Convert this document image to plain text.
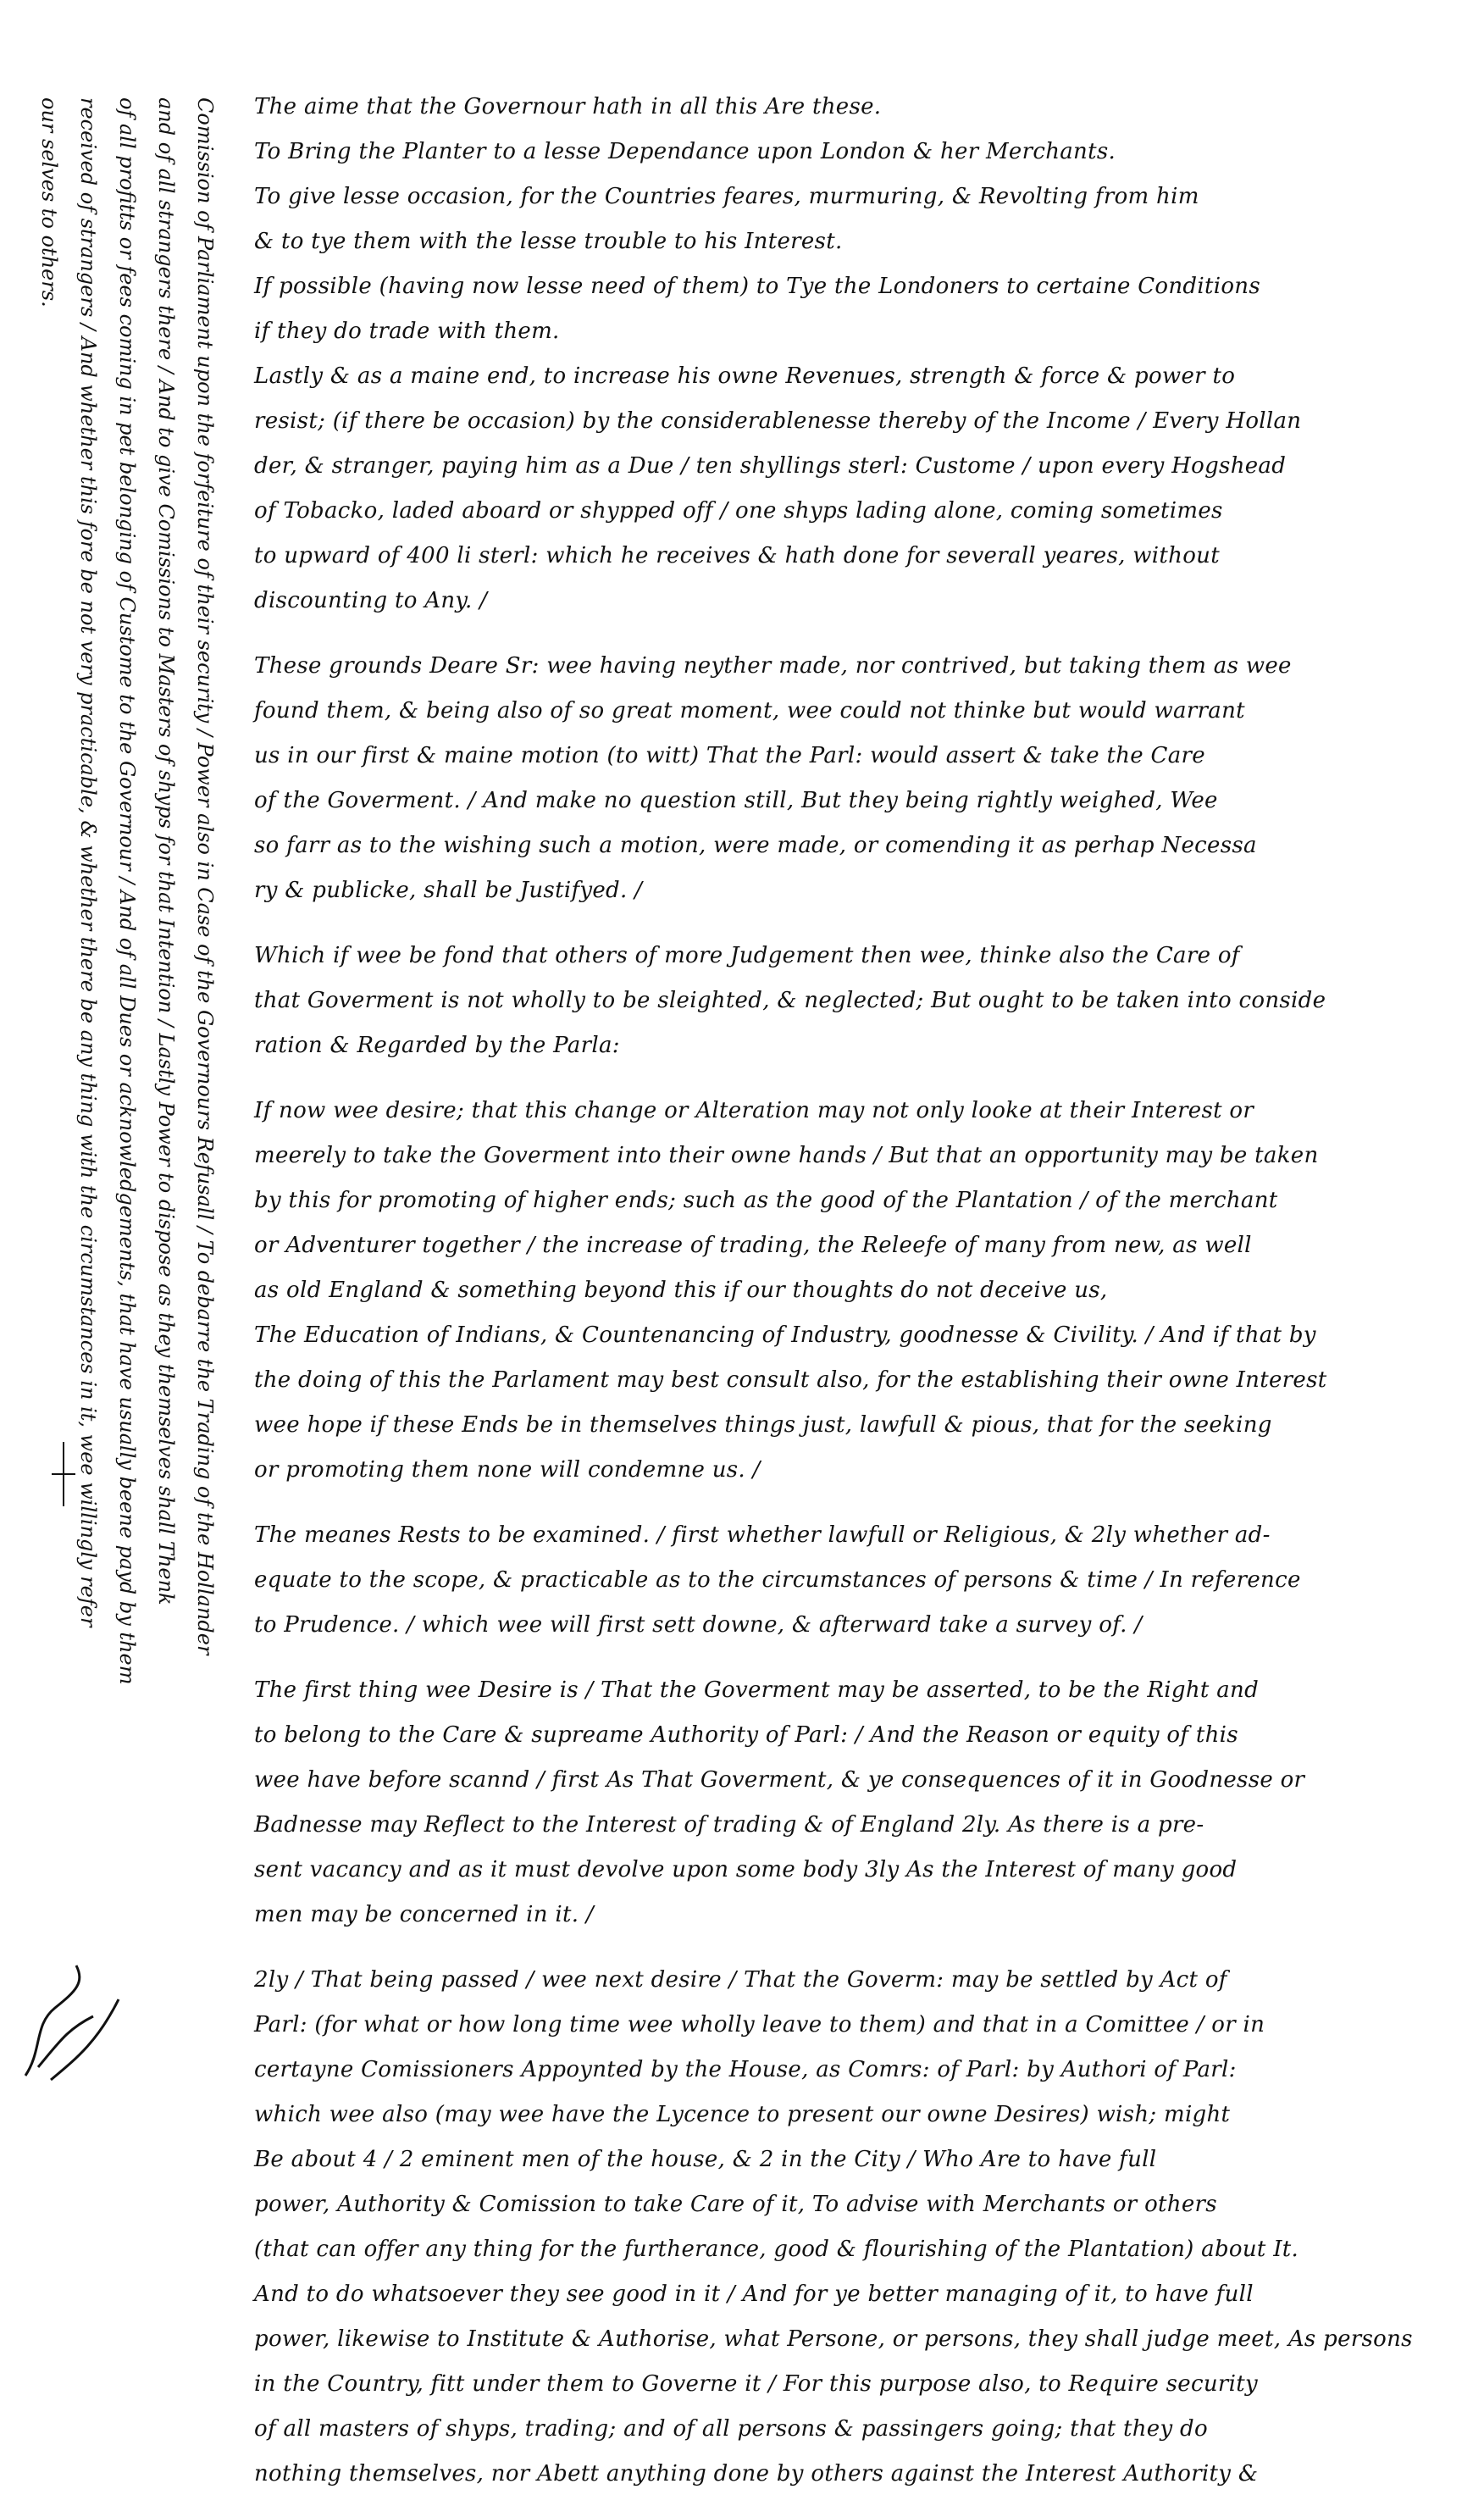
Comission of Parliament upon the forfeiture of their security / Power also in Case of the Governours Refusall / To debarre the Trading of the Hollander
and of all strangers there / And to give Comissions to Masters of shyps for that Intention / Lastly Power to dispose as they themselves shall Thenk
of all profitts or fees coming in pet belonging of Custome to the Governour / And of all Dues or acknowledgements, that have usually beene payd by them
received of strangers / And whether this fore be not very practicable, & whether there be any thing with the circumstances in it, wee willingly refer
our selves to others.	The aime that the Governour hath in all this Are these.
To Bring the Planter to a lesse Dependance upon London & her Merchants.
To give lesse occasion, for the Countries feares, murmuring, & Revolting from him
& to tye them with the lesse trouble to his Interest.
If possible (having now lesse need of them) to Tye the Londoners to certaine Conditions
if they do trade with them.
Lastly & as a maine end, to increase his owne Revenues, strength & force & power to
resist; (if there be occasion) by the considerablenesse thereby of the Income / Every Hollan
der, & stranger, paying him as a Due / ten shyllings sterl: Custome / upon every Hogshead
of Tobacko, laded aboard or shypped off / one shyps lading alone, coming sometimes
to upward of 400 li sterl: which he receives & hath done for severall yeares, without
discounting to Any. /
These grounds Deare Sr: wee having neyther made, nor contrived, but taking them as wee
found them, & being also of so great moment, wee could not thinke but would warrant
us in our first & maine motion (to witt) That the Parl: would assert & take the Care
of the Goverment. / And make no question still, But they being rightly weighed, Wee
so farr as to the wishing such a motion, were made, or comending it as perhap Necessa
ry & publicke, shall be Justifyed. /
Which if wee be fond that others of more Judgement then wee, thinke also the Care of
that Goverment is not wholly to be sleighted, & neglected; But ought to be taken into conside
ration & Regarded by the Parla:
If now wee desire; that this change or Alteration may not only looke at their Interest or
meerely to take the Goverment into their owne hands / But that an opportunity may be taken
by this for promoting of higher ends; such as the good of the Plantation / of the merchant
or Adventurer together / the increase of trading, the Releefe of many from new, as well
as old England & something beyond this if our thoughts do not deceive us,
The Education of Indians, & Countenancing of Industry, goodnesse & Civility. / And if that by
the doing of this the Parlament may best consult also, for the establishing their owne Interest
wee hope if these Ends be in themselves things just, lawfull & pious, that for the seeking
or promoting them none will condemne us. /
The meanes Rests to be examined. / first whether lawfull or Religious, & 2ly whether ad-
equate to the scope, & practicable as to the circumstances of persons & time / In reference
to Prudence. / which wee will first sett downe, & afterward take a survey of. /
The first thing wee Desire is / That the Goverment may be asserted, to be the Right and
to belong to the Care & supreame Authority of Parl: / And the Reason or equity of this
wee have before scannd / first As That Goverment, & ye consequences of it in Goodnesse or
Badnesse may Reflect to the Interest of trading & of England 2ly. As there is a pre-
sent vacancy and as it must devolve upon some body 3ly As the Interest of many good
men may be concerned in it. /
2ly / That being passed / wee next desire / That the Goverm: may be settled by Act of
Parl: (for what or how long time wee wholly leave to them) and that in a Comittee / or in
certayne Comissioners Appoynted by the House, as Comrs: of Parl: by Authori of Parl:
which wee also (may wee have the Lycence to present our owne Desires) wish; might
Be about 4 / 2 eminent men of the house, & 2 in the City / Who Are to have full
power, Authority & Comission to take Care of it, To advise with Merchants or others
(that can offer any thing for the furtherance, good & flourishing of the Plantation) about It.
And to do whatsoever they see good in it / And for ye better managing of it, to have full
power, likewise to Institute & Authorise, what Persone, or persons, they shall judge meet, As persons
in the Country, fitt under them to Governe it / For this purpose also, to Require security
of all masters of shyps, trading; and of all persons & passingers going; that they do
nothing themselves, nor Abett anything done by others against the Interest Authority &
